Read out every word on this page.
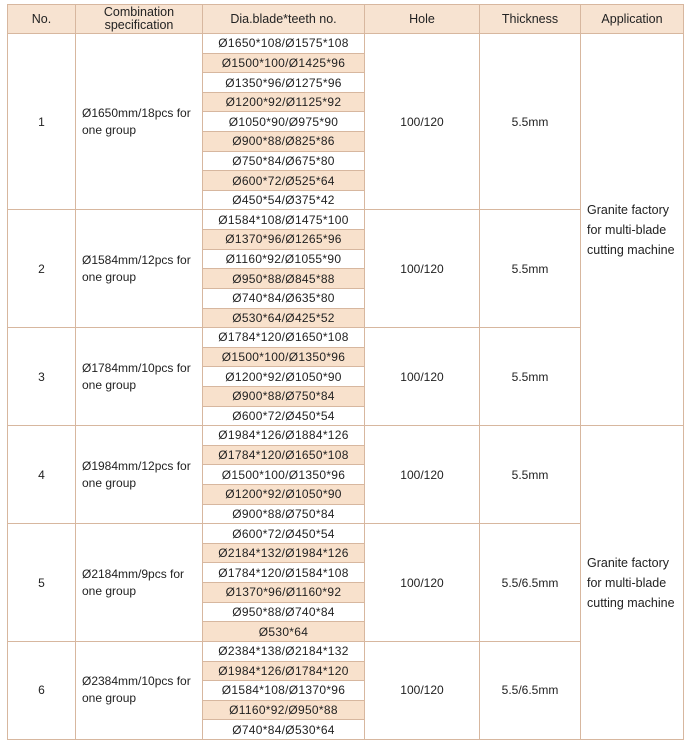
No.	Combination specification	Dia.blade*teeth no.	Hole	Thickness	Application
1	Ø1650mm/18pcs for one group	Ø1650*108/Ø1575*108	100/120	5.5mm	Granite factory for multi-blade cutting machine
		Ø1500*100/Ø1425*96			
		Ø1350*96/Ø1275*96			
		Ø1200*92/Ø1125*92			
		Ø1050*90/Ø975*90			
		Ø900*88/Ø825*86			
		Ø750*84/Ø675*80			
		Ø600*72/Ø525*64			
		Ø450*54/Ø375*42			
2	Ø1584mm/12pcs for one group	Ø1584*108/Ø1475*100	100/120	5.5mm	
		Ø1370*96/Ø1265*96			
		Ø1160*92/Ø1055*90			
		Ø950*88/Ø845*88			
		Ø740*84/Ø635*80			
		Ø530*64/Ø425*52			
3	Ø1784mm/10pcs for one group	Ø1784*120/Ø1650*108	100/120	5.5mm	
		Ø1500*100/Ø1350*96			
		Ø1200*92/Ø1050*90			
		Ø900*88/Ø750*84			
		Ø600*72/Ø450*54			
4	Ø1984mm/12pcs for one group	Ø1984*126/Ø1884*126	100/120	5.5mm	Granite factory for multi-blade cutting machine
		Ø1784*120/Ø1650*108			
		Ø1500*100/Ø1350*96			
		Ø1200*92/Ø1050*90			
		Ø900*88/Ø750*84			
5	Ø2184mm/9pcs for one group	Ø600*72/Ø450*54	100/120	5.5/6.5mm	
		Ø2184*132/Ø1984*126			
		Ø1784*120/Ø1584*108			
		Ø1370*96/Ø1160*92			
		Ø950*88/Ø740*84			
		Ø530*64			
6	Ø2384mm/10pcs for one group	Ø2384*138/Ø2184*132	100/120	5.5/6.5mm	
		Ø1984*126/Ø1784*120			
		Ø1584*108/Ø1370*96			
		Ø1160*92/Ø950*88			
		Ø740*84/Ø530*64			
